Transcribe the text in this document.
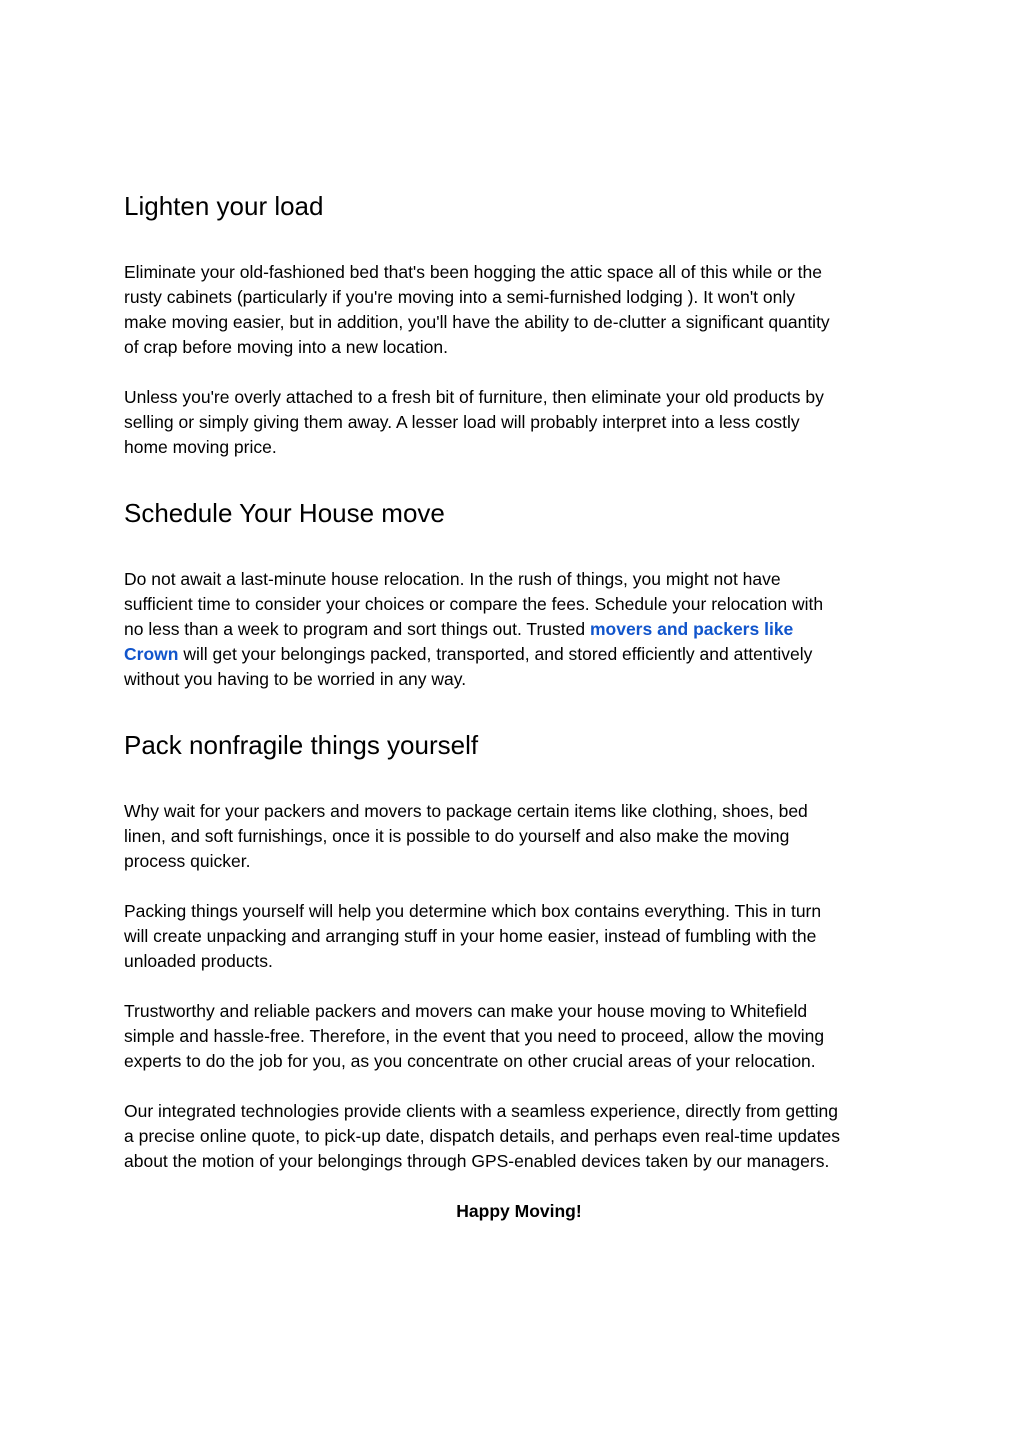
Lighten your load

Eliminate your old-fashioned bed that's been hogging the attic space all of this while or the
rusty cabinets (particularly if you're moving into a semi-furnished lodging ). It won't only
make moving easier, but in addition, you'll have the ability to de-clutter a significant quantity
of crap before moving into a new location.

Unless you're overly attached to a fresh bit of furniture, then eliminate your old products by
selling or simply giving them away. A lesser load will probably interpret into a less costly
home moving price.

Schedule Your House move

Do not await a last-minute house relocation. In the rush of things, you might not have
sufficient time to consider your choices or compare the fees. Schedule your relocation with
no less than a week to program and sort things out. Trusted movers and packers like
Crown will get your belongings packed, transported, and stored efficiently and attentively
without you having to be worried in any way.

Pack nonfragile things yourself

Why wait for your packers and movers to package certain items like clothing, shoes, bed
linen, and soft furnishings, once it is possible to do yourself and also make the moving
process quicker.

Packing things yourself will help you determine which box contains everything. This in turn
will create unpacking and arranging stuff in your home easier, instead of fumbling with the
unloaded products.

Trustworthy and reliable packers and movers can make your house moving to Whitefield
simple and hassle-free. Therefore, in the event that you need to proceed, allow the moving
experts to do the job for you, as you concentrate on other crucial areas of your relocation.

Our integrated technologies provide clients with a seamless experience, directly from getting
a precise online quote, to pick-up date, dispatch details, and perhaps even real-time updates
about the motion of your belongings through GPS-enabled devices taken by our managers.

Happy Moving!
